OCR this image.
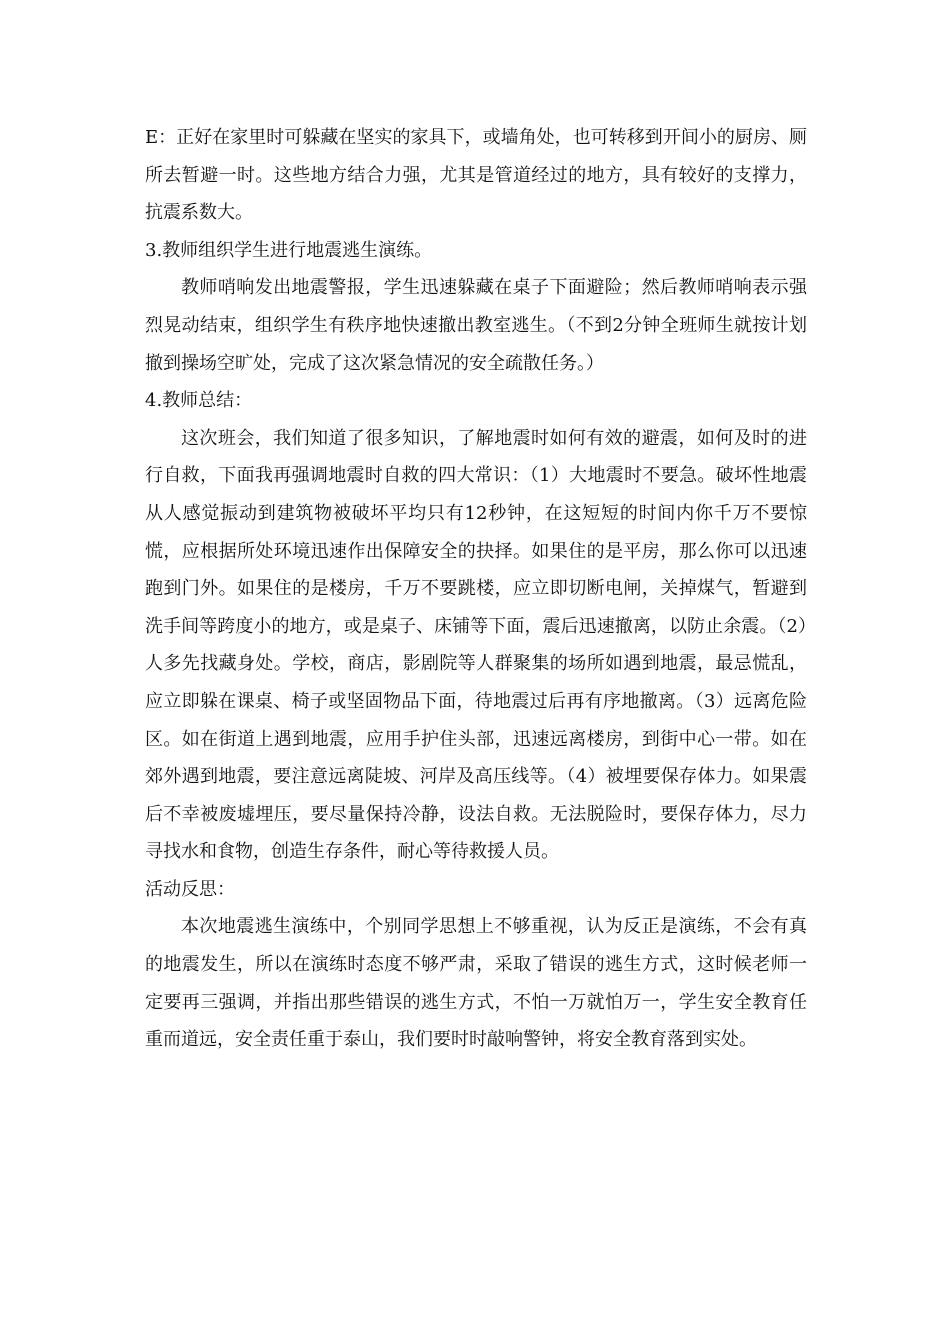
E：正好在家里时可躲藏在坚实的家具下，或墙角处，也可转移到开间小的厨房、厕所去暂避一时。这些地方结合力强，尤其是管道经过的地方，具有较好的支撑力，抗震系数大。

3.教师组织学生进行地震逃生演练。

教师哨响发出地震警报，学生迅速躲藏在桌子下面避险；然后教师哨响表示强烈晃动结束，组织学生有秩序地快速撤出教室逃生。（不到2分钟全班师生就按计划撤到操场空旷处，完成了这次紧急情况的安全疏散任务。）

4.教师总结：

这次班会，我们知道了很多知识，了解地震时如何有效的避震，如何及时的进行自救，下面我再强调地震时自救的四大常识：（1）大地震时不要急。破坏性地震从人感觉振动到建筑物被破坏平均只有12秒钟，在这短短的时间内你千万不要惊慌，应根据所处环境迅速作出保障安全的抉择。如果住的是平房，那么你可以迅速跑到门外。如果住的是楼房，千万不要跳楼，应立即切断电闸，关掉煤气，暂避到洗手间等跨度小的地方，或是桌子、床铺等下面，震后迅速撤离，以防止余震。（2）人多先找藏身处。学校，商店，影剧院等人群聚集的场所如遇到地震，最忌慌乱，应立即躲在课桌、椅子或坚固物品下面，待地震过后再有序地撤离。（3）远离危险区。如在街道上遇到地震，应用手护住头部，迅速远离楼房，到街中心一带。如在郊外遇到地震，要注意远离陡坡、河岸及高压线等。（4）被埋要保存体力。如果震后不幸被废墟埋压，要尽量保持冷静，设法自救。无法脱险时，要保存体力，尽力寻找水和食物，创造生存条件，耐心等待救援人员。

活动反思：

本次地震逃生演练中，个别同学思想上不够重视，认为反正是演练，不会有真的地震发生，所以在演练时态度不够严肃，采取了错误的逃生方式，这时候老师一定要再三强调，并指出那些错误的逃生方式，不怕一万就怕万一，学生安全教育任重而道远，安全责任重于泰山，我们要时时敲响警钟，将安全教育落到实处。
